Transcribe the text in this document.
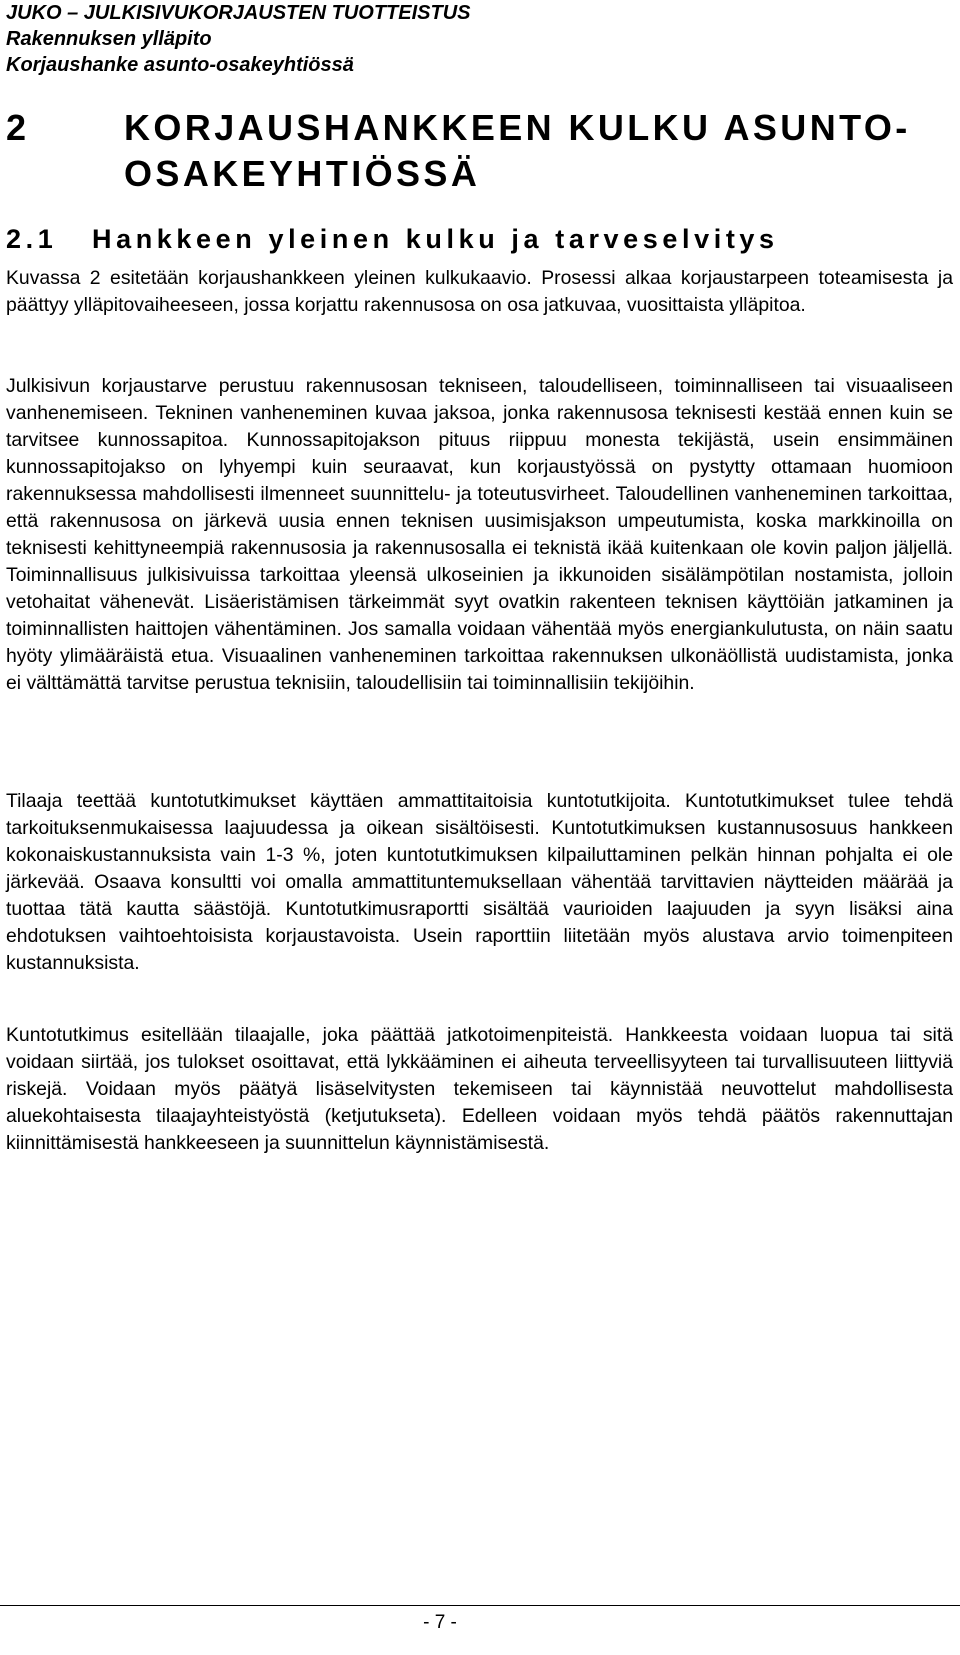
JUKO – JULKISIVUKORJAUSTEN TUOTTEISTUS
Rakennuksen ylläpito
Korjaushanke asunto-osakeyhtiössä
2	KORJAUSHANKKEEN KULKU ASUNTO-OSAKEYHTIÖSSÄ
2.1 Hankkeen yleinen kulku ja tarveselvitys

Kuvassa 2 esitetään korjaushankkeen yleinen kulkukaavio. Prosessi alkaa korjaustarpeen toteamisesta ja päättyy ylläpitovaiheeseen, jossa korjattu rakennusosa on osa jatkuvaa, vuosittaista ylläpitoa.

Julkisivun korjaustarve perustuu rakennusosan tekniseen, taloudelliseen, toiminnalliseen tai visuaaliseen vanhenemiseen. Tekninen vanheneminen kuvaa jaksoa, jonka rakennusosa teknisesti kestää ennen kuin se tarvitsee kunnossapitoa. Kunnossapitojakson pituus riippuu monesta tekijästä, usein ensimmäinen kunnossapitojakso on lyhyempi kuin seuraavat, kun korjaustyössä on pystytty ottamaan huomioon rakennuksessa mahdollisesti ilmenneet suunnittelu- ja toteutusvirheet. Taloudellinen vanheneminen tarkoittaa, että rakennusosa on järkevä uusia ennen teknisen uusimisjakson umpeutumista, koska markkinoilla on teknisesti kehittyneempiä rakennusosia ja rakennusosalla ei teknistä ikää kuitenkaan ole kovin paljon jäljellä. Toiminnallisuus julkisivuissa tarkoittaa yleensä ulkoseinien ja ikkunoiden sisälämpötilan nostamista, jolloin vetohaitat vähenevät. Lisäeristämisen tärkeimmät syyt ovatkin rakenteen teknisen käyttöiän jatkaminen ja toiminnallisten haittojen vähentäminen. Jos samalla voidaan vähentää myös energiankulutusta, on näin saatu hyöty ylimääräistä etua. Visuaalinen vanheneminen tarkoittaa rakennuksen ulkonäöllistä uudistamista, jonka ei välttämättä tarvitse perustua teknisiin, taloudellisiin tai toiminnallisiin tekijöihin.

Tilaaja teettää kuntotutkimukset käyttäen ammattitaitoisia kuntotutkijoita. Kuntotutkimukset tulee tehdä tarkoituksenmukaisessa laajuudessa ja oikean sisältöisesti. Kuntotutkimuksen kustannusosuus hankkeen kokonaiskustannuksista vain 1-3 %, joten kuntotutkimuksen kilpailuttaminen pelkän hinnan pohjalta ei ole järkevää. Osaava konsultti voi omalla ammattituntemuksellaan vähentää tarvittavien näytteiden määrää ja tuottaa tätä kautta säästöjä. Kuntotutkimusraportti sisältää vaurioiden laajuuden ja syyn lisäksi aina ehdotuksen vaihtoehtoisista korjaustavoista. Usein raporttiin liitetään myös alustava arvio toimenpiteen kustannuksista.

Kuntotutkimus esitellään tilaajalle, joka päättää jatkotoimenpiteistä. Hankkeesta voidaan luopua tai sitä voidaan siirtää, jos tulokset osoittavat, että lykkääminen ei aiheuta terveellisyyteen tai turvallisuuteen liittyviä riskejä. Voidaan myös päätyä lisäselvitysten tekemiseen tai käynnistää neuvottelut mahdollisesta aluekohtaisesta tilaajayhteistyöstä (ketjutukseta). Edelleen voidaan myös tehdä päätös rakennuttajan kiinnittämisestä hankkeeseen ja suunnittelun käynnistämisestä.

- 7 -
